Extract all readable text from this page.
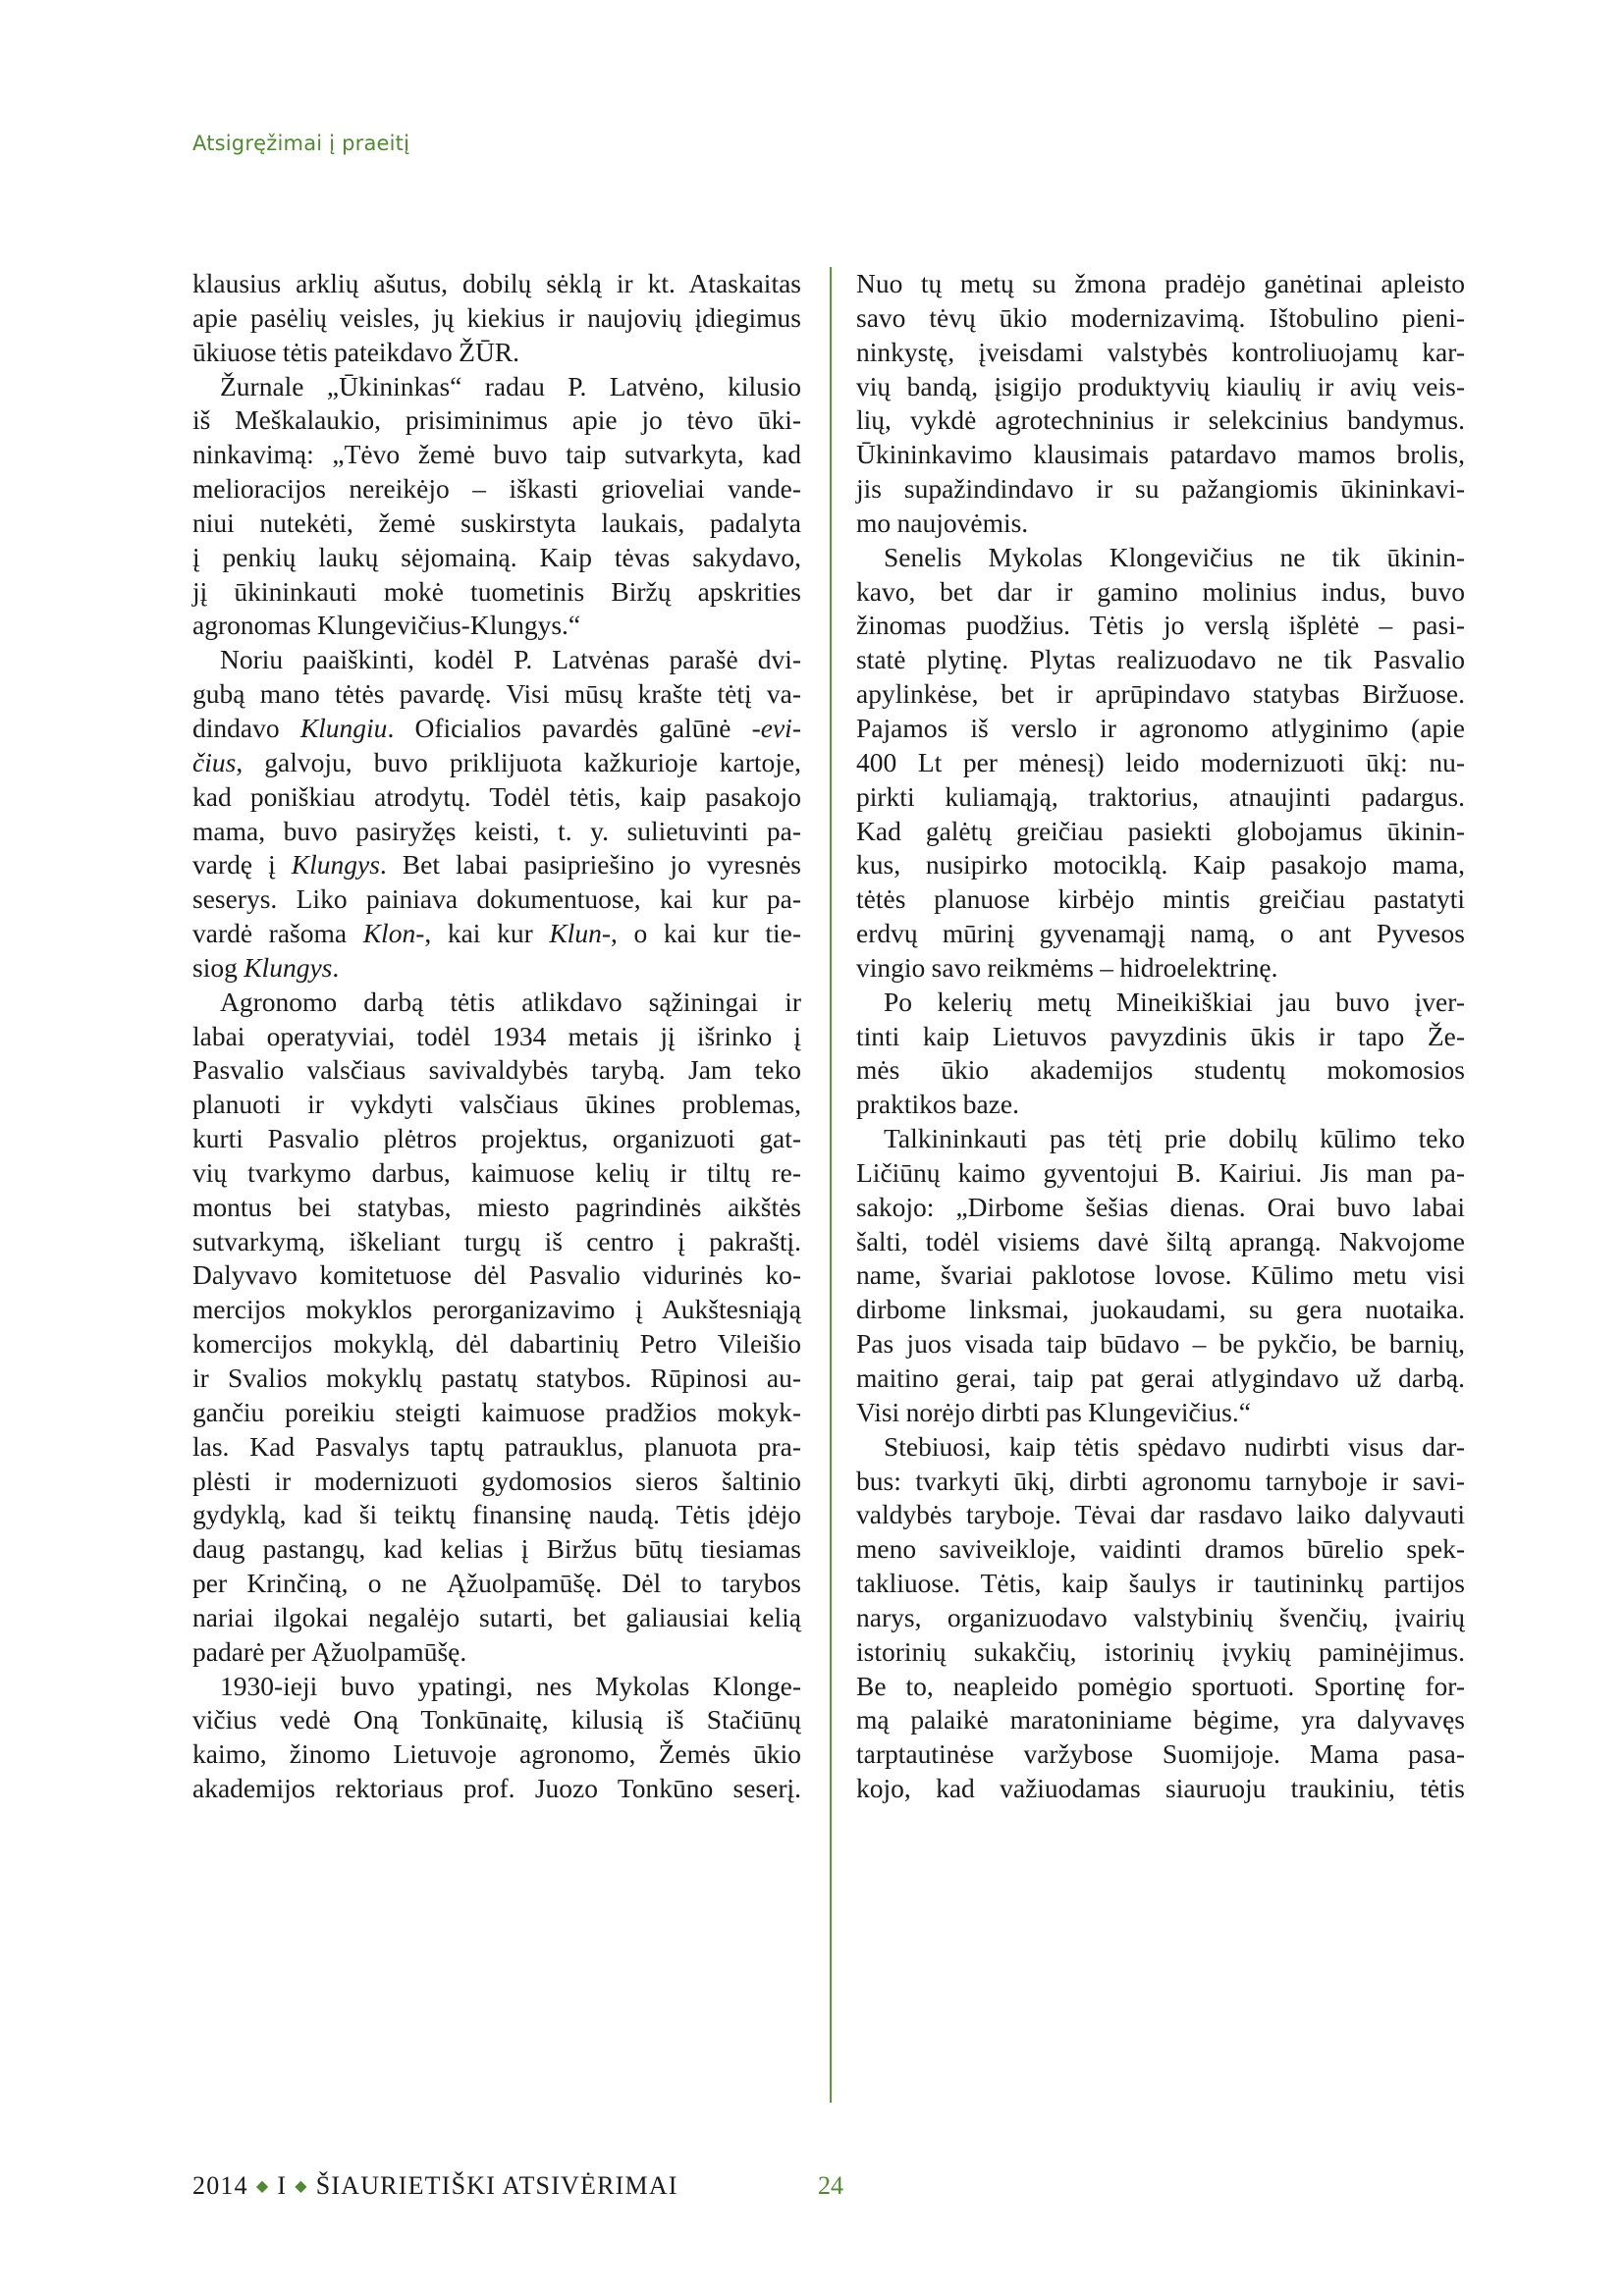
Atsigręžimai į praeitį
klausius arklių ašutus, dobilų sėklą ir kt. Ataskaitas
apie pasėlių veisles, jų kiekius ir naujovių įdiegimus
ūkiuose tėtis pateikdavo ŽŪR.
Žurnale „Ūkininkas“ radau P. Latvėno, kilusio
iš Meškalaukio, prisiminimus apie jo tėvo ūki-
ninkavimą: „Tėvo žemė buvo taip sutvarkyta, kad
melioracijos nereikėjo – iškasti grioveliai vande-
niui nutekėti, žemė suskirstyta laukais, padalyta
į penkių laukų sėjomainą. Kaip tėvas sakydavo,
jį ūkininkauti mokė tuometinis Biržų apskrities
agronomas Klungevičius-Klungys.“
Noriu paaiškinti, kodėl P. Latvėnas parašė dvi-
gubą mano tėtės pavardę. Visi mūsų krašte tėtį va-
dindavo Klungiu. Oficialios pavardės galūnė -evi-
čius, galvoju, buvo priklijuota kažkurioje kartoje,
kad poniškiau atrodytų. Todėl tėtis, kaip pasakojo
mama, buvo pasiryžęs keisti, t. y. sulietuvinti pa-
vardę į Klungys. Bet labai pasipriešino jo vyresnės
seserys. Liko painiava dokumentuose, kai kur pa-
vardė rašoma Klon-, kai kur Klun-, o kai kur tie-
siog Klungys.
Agronomo darbą tėtis atlikdavo sąžiningai ir
labai operatyviai, todėl 1934 metais jį išrinko į
Pasvalio valsčiaus savivaldybės tarybą. Jam teko
planuoti ir vykdyti valsčiaus ūkines problemas,
kurti Pasvalio plėtros projektus, organizuoti gat-
vių tvarkymo darbus, kaimuose kelių ir tiltų re-
montus bei statybas, miesto pagrindinės aikštės
sutvarkymą, iškeliant turgų iš centro į pakraštį.
Dalyvavo komitetuose dėl Pasvalio vidurinės ko-
mercijos mokyklos perorganizavimo į Aukštesniąją
komercijos mokyklą, dėl dabartinių Petro Vileišio
ir Svalios mokyklų pastatų statybos. Rūpinosi au-
gančiu poreikiu steigti kaimuose pradžios mokyk-
las. Kad Pasvalys taptų patrauklus, planuota pra-
plėsti ir modernizuoti gydomosios sieros šaltinio
gydyklą, kad ši teiktų finansinę naudą. Tėtis įdėjo
daug pastangų, kad kelias į Biržus būtų tiesiamas
per Krinčiną, o ne Ąžuolpamūšę. Dėl to tarybos
nariai ilgokai negalėjo sutarti, bet galiausiai kelią
padarė per Ąžuolpamūšę.
1930-ieji buvo ypatingi, nes Mykolas Klonge-
vičius vedė Oną Tonkūnaitę, kilusią iš Stačiūnų
kaimo, žinomo Lietuvoje agronomo, Žemės ūkio
akademijos rektoriaus prof. Juozo Tonkūno seserį.
Nuo tų metų su žmona pradėjo ganėtinai apleisto
savo tėvų ūkio modernizavimą. Ištobulino pieni-
ninkystę, įveisdami valstybės kontroliuojamų kar-
vių bandą, įsigijo produktyvių kiaulių ir avių veis-
lių, vykdė agrotechninius ir selekcinius bandymus.
Ūkininkavimo klausimais patardavo mamos brolis,
jis supažindindavo ir su pažangiomis ūkininkavi-
mo naujovėmis.
Senelis Mykolas Klongevičius ne tik ūkinin-
kavo, bet dar ir gamino molinius indus, buvo
žinomas puodžius. Tėtis jo verslą išplėtė – pasi-
statė plytinę. Plytas realizuodavo ne tik Pasvalio
apylinkėse, bet ir aprūpindavo statybas Biržuose.
Pajamos iš verslo ir agronomo atlyginimo (apie
400 Lt per mėnesį) leido modernizuoti ūkį: nu-
pirkti kuliamąją, traktorius, atnaujinti padargus.
Kad galėtų greičiau pasiekti globojamus ūkinin-
kus, nusipirko motociklą. Kaip pasakojo mama,
tėtės planuose kirbėjo mintis greičiau pastatyti
erdvų mūrinį gyvenamąjį namą, o ant Pyvesos
vingio savo reikmėms – hidroelektrinę.
Po kelerių metų Mineikiškiai jau buvo įver-
tinti kaip Lietuvos pavyzdinis ūkis ir tapo Že-
mės ūkio akademijos studentų mokomosios
praktikos baze.
Talkininkauti pas tėtį prie dobilų kūlimo teko
Ličiūnų kaimo gyventojui B. Kairiui. Jis man pa-
sakojo: „Dirbome šešias dienas. Orai buvo labai
šalti, todėl visiems davė šiltą aprangą. Nakvojome
name, švariai paklotose lovose. Kūlimo metu visi
dirbome linksmai, juokaudami, su gera nuotaika.
Pas juos visada taip būdavo – be pykčio, be barnių,
maitino gerai, taip pat gerai atlygindavo už darbą.
Visi norėjo dirbti pas Klungevičius.“
Stebiuosi, kaip tėtis spėdavo nudirbti visus dar-
bus: tvarkyti ūkį, dirbti agronomu tarnyboje ir savi-
valdybės taryboje. Tėvai dar rasdavo laiko dalyvauti
meno saviveikloje, vaidinti dramos būrelio spek-
takliuose. Tėtis, kaip šaulys ir tautininkų partijos
narys, organizuodavo valstybinių švenčių, įvairių
istorinių sukakčių, istorinių įvykių paminėjimus.
Be to, neapleido pomėgio sportuoti. Sportinę for-
mą palaikė maratoniniame bėgime, yra dalyvavęs
tarptautinėse varžybose Suomijoje. Mama pasa-
kojo, kad važiuodamas siauruoju traukiniu, tėtis
2014 ◆ I ◆ ŠIAURIETIŠKI ATSIVĖRIMAI	24
